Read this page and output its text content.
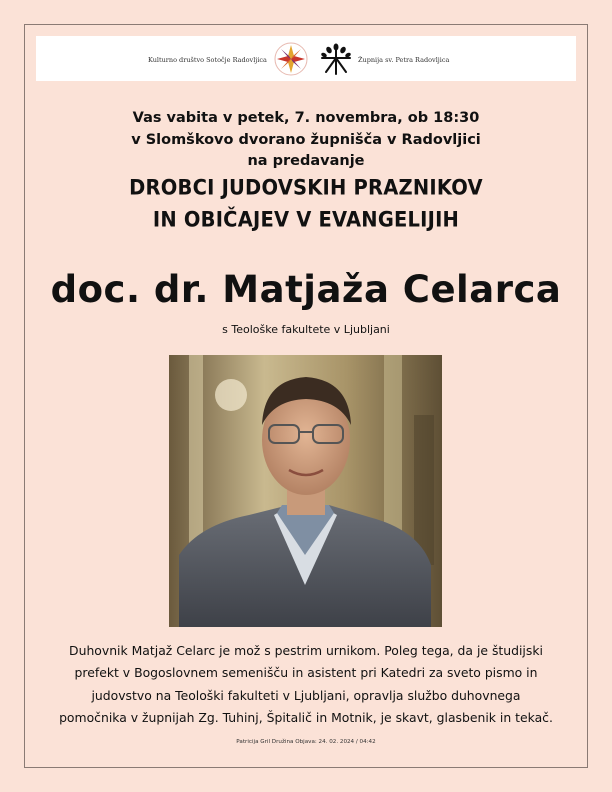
Kulturno društvo Sotočje Radovljica	Župnija sv. Petra Radovljica
Vas vabita v petek, 7. novembra, ob 18:30
v Slomškovo dvorano župnišča v Radovljici
na predavanje
DROBCI JUDOVSKIH PRAZNIKOV
IN OBIČAJEV V EVANGELIJIH
doc. dr. Matjaža Celarca
s Teološke fakultete v Ljubljani
Duhovnik Matjaž Celarc je mož s pestrim urnikom. Poleg tega, da je študijski
prefekt v Bogoslovnem semenišču in asistent pri Katedri za sveto pismo in
judovstvo na Teološki fakulteti v Ljubljani, opravlja službo duhovnega
pomočnika v župnijah Zg. Tuhinj, Špitalič in Motnik, je skavt, glasbenik in tekač.
Patricija Gril Družina Objava: 24. 02. 2024 / 04:42
